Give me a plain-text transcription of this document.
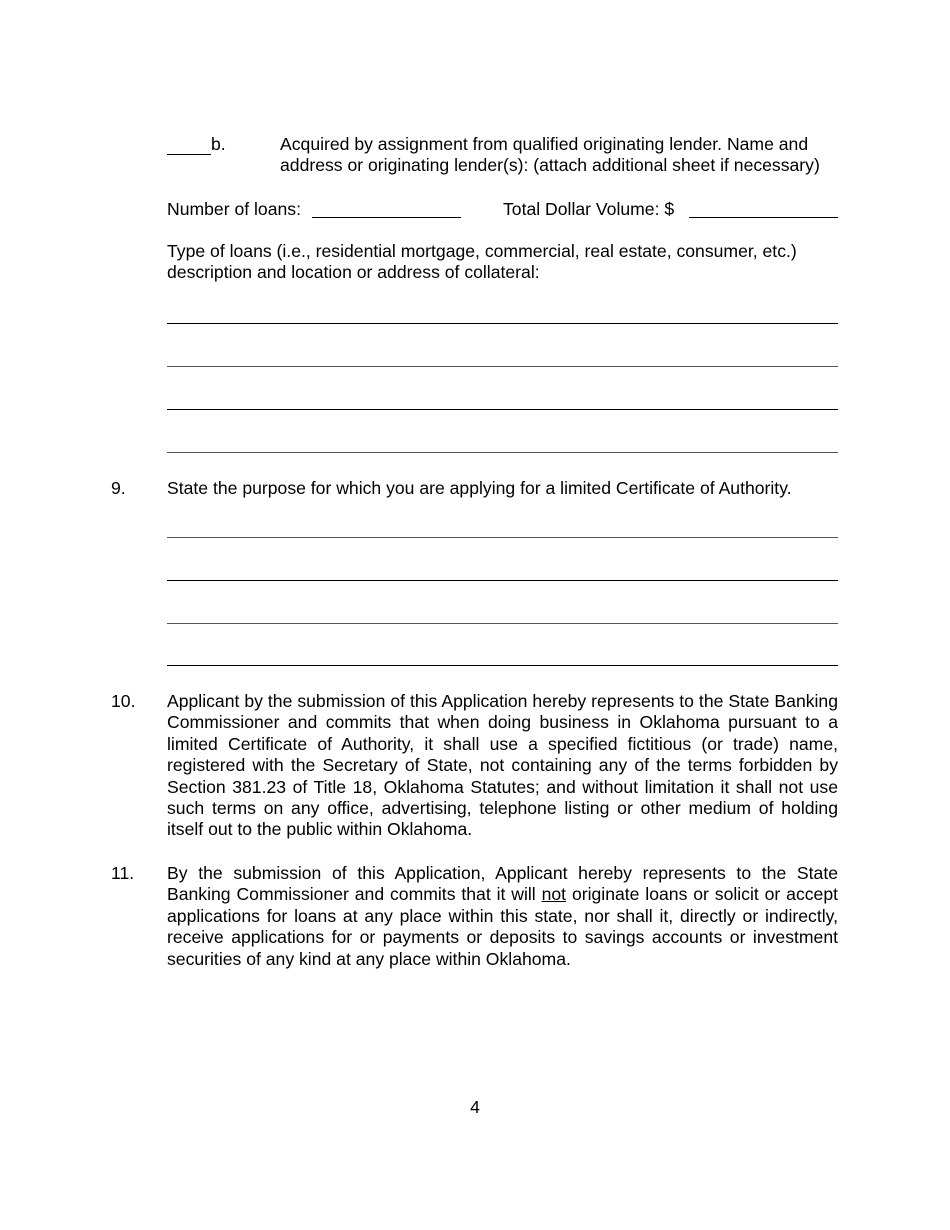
b.	Acquired by assignment from qualified originating lender. Name and
address or originating lender(s): (attach additional sheet if necessary)
Number of loans:	Total Dollar Volume: $
Type of loans (i.e., residential mortgage, commercial, real estate, consumer, etc.)
description and location or address of collateral:
9. State the purpose for which you are applying for a limited Certificate of Authority.
10. Applicant by the submission of this Application hereby represents to the State Banking Commissioner and commits that when doing business in Oklahoma pursuant to a limited Certificate of Authority, it shall use a specified fictitious (or trade) name, registered with the Secretary of State, not containing any of the terms forbidden by Section 381.23 of Title 18, Oklahoma Statutes; and without limitation it shall not use such terms on any office, advertising, telephone listing or other medium of holding itself out to the public within Oklahoma.
11. By the submission of this Application, Applicant hereby represents to the State Banking Commissioner and commits that it will not originate loans or solicit or accept applications for loans at any place within this state, nor shall it, directly or indirectly, receive applications for or payments or deposits to savings accounts or investment securities of any kind at any place within Oklahoma.
4
